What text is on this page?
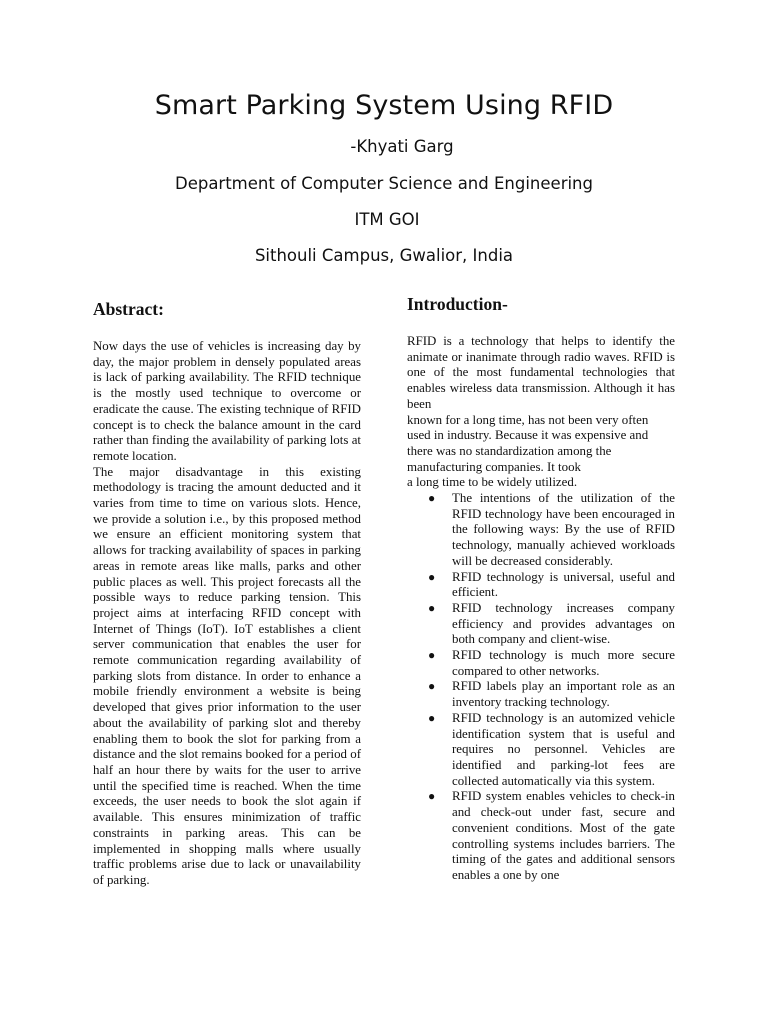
Smart Parking System Using RFID
-Khyati Garg
Department of Computer Science and Engineering
ITM GOI
Sithouli Campus, Gwalior, India
Abstract:

Now days the use of vehicles is increasing day by day, the major problem in densely populated areas is lack of parking availability. The RFID technique is the mostly used technique to overcome or eradicate the cause. The existing technique of RFID concept is to check the balance amount in the card rather than finding the availability of parking lots at remote location.

The major disadvantage in this existing methodology is tracing the amount deducted and it varies from time to time on various slots. Hence, we provide a solution i.e., by this proposed method we ensure an efficient monitoring system that allows for tracking availability of spaces in parking areas in remote areas like malls, parks and other public places as well. This project forecasts all the possible ways to reduce parking tension. This project aims at interfacing RFID concept with Internet of Things (IoT). IoT establishes a client server communication that enables the user for remote communication regarding availability of parking slots from distance. In order to enhance a mobile friendly environment a website is being developed that gives prior information to the user about the availability of parking slot and thereby enabling them to book the slot for parking from a distance and the slot remains booked for a period of half an hour there by waits for the user to arrive until the specified time is reached. When the time exceeds, the user needs to book the slot again if available. This ensures minimization of traffic constraints in parking areas. This can be implemented in shopping malls where usually traffic problems arise due to lack or unavailability of parking.

Introduction-

RFID is a technology that helps to identify the animate or inanimate through radio waves. RFID is one of the most fundamental technologies that enables wireless data transmission. Although it has been

known for a long time, has not been very often used in industry. Because it was expensive and there was no standardization among the manufacturing companies. It took

a long time to be widely utilized.

● The intentions of the utilization of the RFID technology have been encouraged in the following ways: By the use of RFID technology, manually achieved workloads will be decreased considerably.
● RFID technology is universal, useful and efficient.
● RFID technology increases company efficiency and provides advantages on both company and client-wise.
● RFID technology is much more secure compared to other networks.
● RFID labels play an important role as an inventory tracking technology.
● RFID technology is an automized vehicle identification system that is useful and requires no personnel. Vehicles are identified and parking-lot fees are collected automatically via this system.
● RFID system enables vehicles to check-in and check-out under fast, secure and convenient conditions. Most of the gate controlling systems includes barriers. The timing of the gates and additional sensors enables a one by one
